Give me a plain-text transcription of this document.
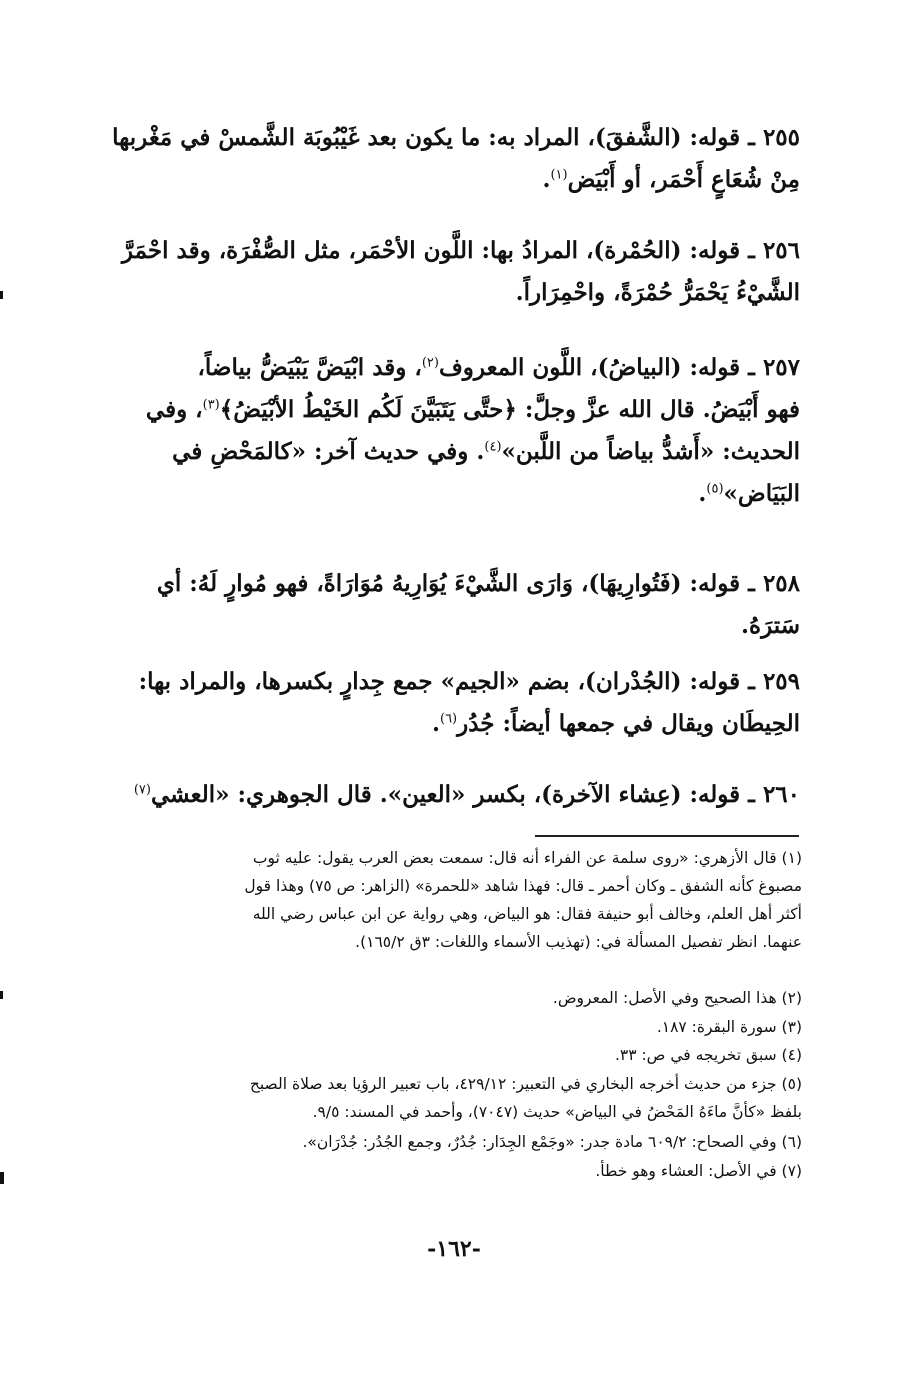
٢٥٥ ـ قوله: (الشَّفقَ)، المراد به: ما يكون بعد غَيْبُوبَة الشَّمسْ في مَغْربها

مِنْ شُعَاعٍ أَحْمَر، أو أَبْيَض$^{(١)}$.

٢٥٦ ـ قوله: (الحُمْرة)، المرادُ بها: اللَّون الأحْمَر، مثل الصُّفْرَة، وقد احْمَرَّ

الشَّيْءُ يَحْمَرُّ حُمْرَةً، واحْمِرَاراً.

٢٥٧ ـ قوله: (البياضُ)، اللَّون المعروف$^{(٢)}$، وقد ابْيَضَّ يَبْيَضُّ بياضاً،

فهو أَبْيَضُ. قال الله عزَّ وجلَّ: ﴿حتَّى يَتَبَيَّنَ لَكُم الخَيْطُ الأبْيَضُ﴾$^{(٣)}$، وفي

الحديث: «أَشدُّ بياضاً من اللَّبن»$^{(٤)}$. وفي حديث آخر: «كالمَحْضِ في

البَيَاض»$^{(٥)}$.

٢٥٨ ـ قوله: (فَتُوارِيهَا)، وَارَى الشَّيْءَ يُوَارِيهُ مُوَارَاةً، فهو مُوارٍ لَهُ: أي

سَترَهُ.

٢٥٩ ـ قوله: (الجُدْران)، بضم «الجيم» جمع جِدارٍ بكسرها، والمراد بها:

الحِيطَان ويقال في جمعها أيضاً: جُدُر$^{(٦)}$.

٢٦٠ ـ قوله: (عِشاء الآخرة)، بكسر «العين». قال الجوهري: «العشي$^{(٧)}$

(١) قال الأزهري: «روى سلمة عن الفراء أنه قال: سمعت بعض العرب يقول: عليه ثوب

مصبوغ كأنه الشفق ـ وكان أحمر ـ قال: فهذا شاهد «للحمرة» (الزاهر: ص ٧٥) وهذا قول

أكثر أهل العلم، وخالف أبو حنيفة فقال: هو البياض، وهي رواية عن ابن عباس رضي الله

عنهما. انظر تفصيل المسألة في: (تهذيب الأسماء واللغات: ٣ق ١٦٥/٢).

(٢) هذا الصحيح وفي الأصل: المعروض.

(٣) سورة البقرة: ١٨٧.

(٤) سبق تخريجه في ص: ٣٣.

(٥) جزء من حديث أخرجه البخاري في التعبير: ٤٢٩/١٢، باب تعبير الرؤيا بعد صلاة الصبح

بلفظ «كأنَّ ماءَهُ المَحْضُ في البياض» حديث (٧٠٤٧)، وأحمد في المسند: ٩/٥.

(٦) وفي الصحاح: ٦٠٩/٢ مادة جدر: «وجَمْع الجِدَار: جُدُرٌ، وجمع الجُدُر: جُدْرَان».

(٧) في الأصل: العشاء وهو خطأ.

-١٦٢-
